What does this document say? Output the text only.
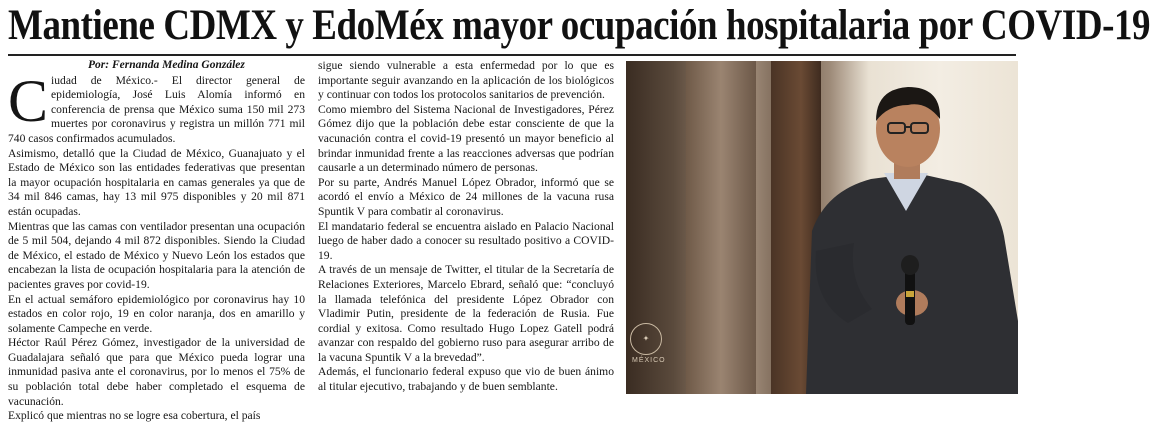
Mantiene CDMX y EdoMéx mayor ocupación hospitalaria por COVID-19
Por: Fernanda Medina González
C iudad de México.- El director general de epidemiología, José Luis Alomía informó en conferencia de prensa que México suma 150 mil 273 muertes por coronavirus y registra un millón 771 mil 740 casos confirmados acumulados.

Asimismo, detalló que la Ciudad de México, Guanajuato y el Estado de México son las entidades federativas que presentan la mayor ocupación hospitalaria en camas generales ya que de 34 mil 846 camas, hay 13 mil 975 disponibles y 20 mil 871 están ocupadas.

Mientras que las camas con ventilador presentan una ocupación de 5 mil 504, dejando 4 mil 872 disponibles. Siendo la Ciudad de México, el estado de México y Nuevo León los estados que encabezan la lista de ocupación hospitalaria para la atención de pacientes graves por covid-19.

En el actual semáforo epidemiológico por coronavirus hay 10 estados en color rojo, 19 en color naranja, dos en amarillo y solamente Campeche en verde.

Héctor Raúl Pérez Gómez, investigador de la universidad de Guadalajara señaló que para que México pueda lograr una inmunidad pasiva ante el coronavirus, por lo menos el 75% de su población total debe haber completado el esquema de vacunación.

Explicó que mientras no se logre esa cobertura, el país

sigue siendo vulnerable a esta enfermedad por lo que es importante seguir avanzando en la aplicación de los biológicos y continuar con todos los protocolos sanitarios de prevención.

Como miembro del Sistema Nacional de Investigadores, Pérez Gómez dijo que la población debe estar consciente de que la vacunación contra el covid-19 presentó un mayor beneficio al brindar inmunidad frente a las reacciones adversas que podrían causarle a un determinado número de personas.

Por su parte, Andrés Manuel López Obrador, informó que se acordó el envío a México de 24 millones de la vacuna rusa Spuntik V para combatir al coronavirus.

El mandatario federal se encuentra aislado en Palacio Nacional luego de haber dado a conocer su resultado positivo a COVID-19.

A través de un mensaje de Twitter, el titular de la Secretaría de Relaciones Exteriores, Marcelo Ebrard, señaló que: “concluyó la llamada telefónica del presidente López Obrador con Vladimir Putin, presidente de la federación de Rusia. Fue cordial y exitosa. Como resultado Hugo Lopez Gatell podrá avanzar con respaldo del gobierno ruso para asegurar arribo de la vacuna Spuntik V a la brevedad”.

Además, el funcionario federal expuso que vio de buen ánimo al titular ejecutivo, trabajando y de buen semblante.

✦
MÉXICO
